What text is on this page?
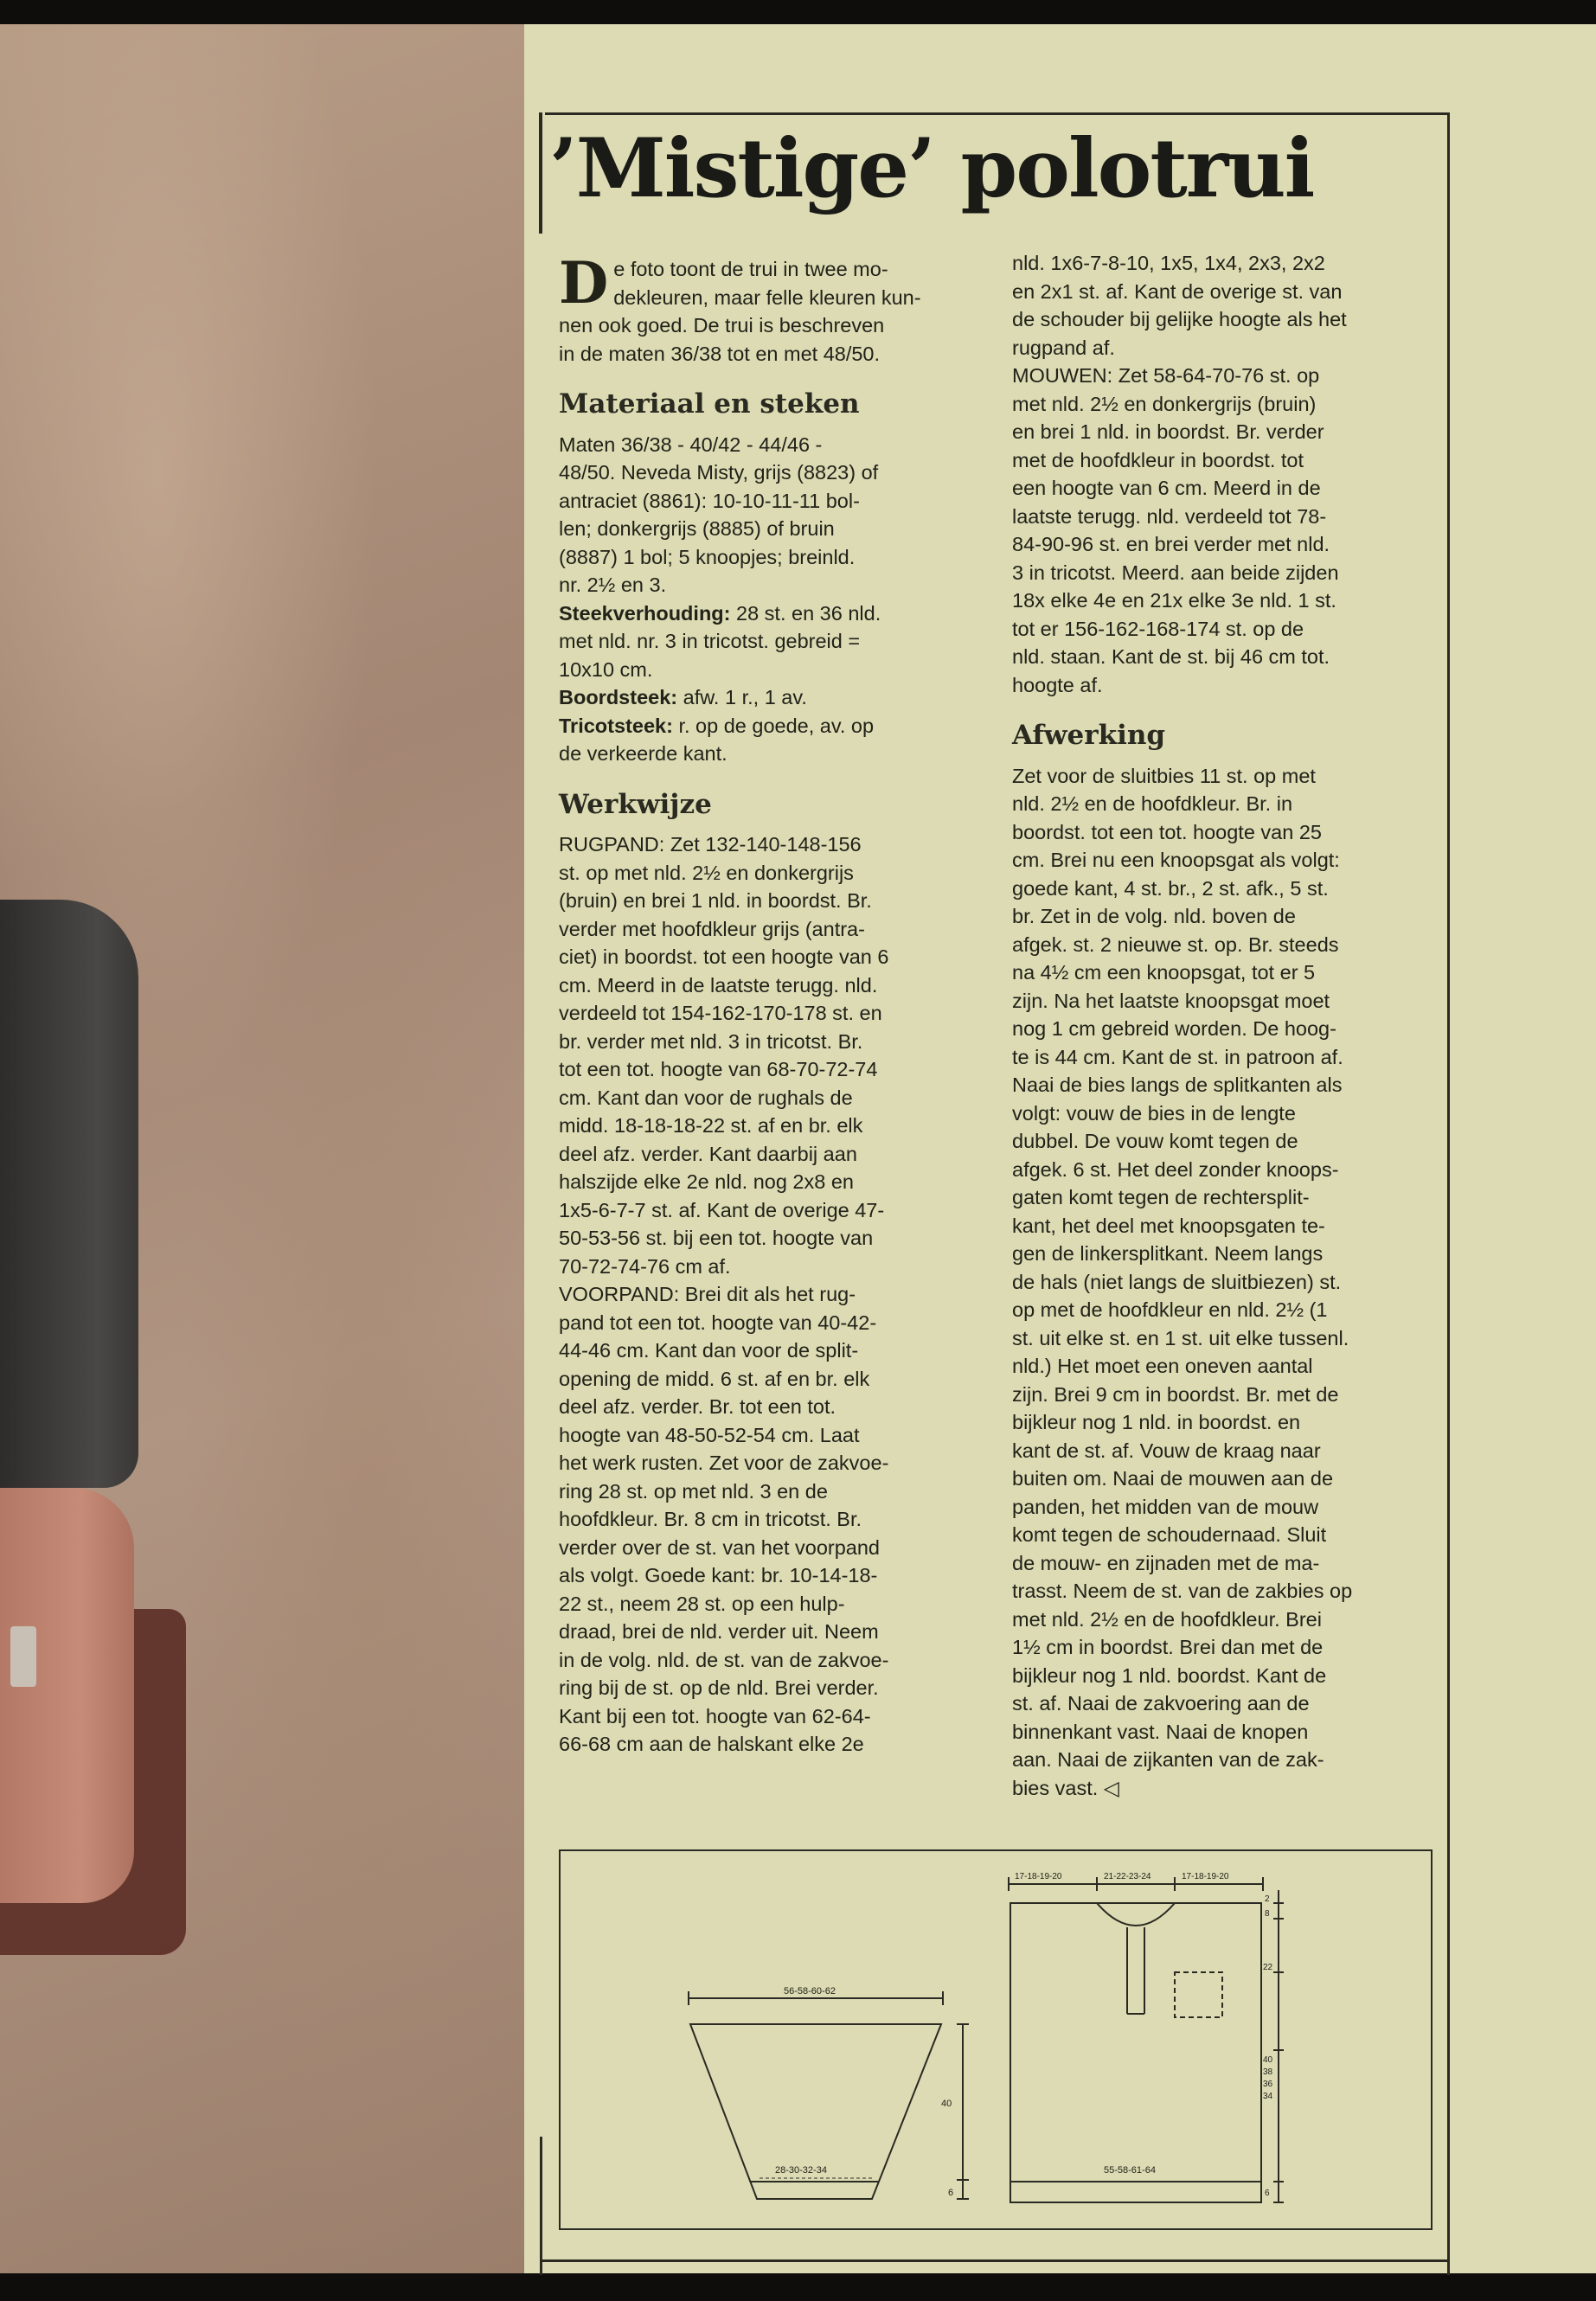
’Mistige’ polotrui

De foto toont de trui in twee mo-
dekleuren, maar felle kleuren kun-
nen ook goed. De trui is beschreven
in de maten 36/38 tot en met 48/50.

Materiaal en steken

Maten 36/38 - 40/42 - 44/46 -
48/50. Neveda Misty, grijs (8823) of
antraciet (8861): 10-10-11-11 bol-
len; donkergrijs (8885) of bruin
(8887) 1 bol; 5 knoopjes; breinld.
nr. 2½ en 3.

Steekverhouding: 28 st. en 36 nld.
met nld. nr. 3 in tricotst. gebreid =
10x10 cm.

Boordsteek: afw. 1 r., 1 av.

Tricotsteek: r. op de goede, av. op
de verkeerde kant.

Werkwijze

RUGPAND: Zet 132-140-148-156
st. op met nld. 2½ en donkergrijs
(bruin) en brei 1 nld. in boordst. Br.
verder met hoofdkleur grijs (antra-
ciet) in boordst. tot een hoogte van 6
cm. Meerd in de laatste terugg. nld.
verdeeld tot 154-162-170-178 st. en
br. verder met nld. 3 in tricotst. Br.
tot een tot. hoogte van 68-70-72-74
cm. Kant dan voor de rughals de
midd. 18-18-18-22 st. af en br. elk
deel afz. verder. Kant daarbij aan
halszijde elke 2e nld. nog 2x8 en
1x5-6-7-7 st. af. Kant de overige 47-
50-53-56 st. bij een tot. hoogte van
70-72-74-76 cm af.
VOORPAND: Brei dit als het rug-
pand tot een tot. hoogte van 40-42-
44-46 cm. Kant dan voor de split-
opening de midd. 6 st. af en br. elk
deel afz. verder. Br. tot een tot.
hoogte van 48-50-52-54 cm. Laat
het werk rusten. Zet voor de zakvoe-
ring 28 st. op met nld. 3 en de
hoofdkleur. Br. 8 cm in tricotst. Br.
verder over de st. van het voorpand
als volgt. Goede kant: br. 10-14-18-
22 st., neem 28 st. op een hulp-
draad, brei de nld. verder uit. Neem
in de volg. nld. de st. van de zakvoe-
ring bij de st. op de nld. Brei verder.
Kant bij een tot. hoogte van 62-64-
66-68 cm aan de halskant elke 2e

nld. 1x6-7-8-10, 1x5, 1x4, 2x3, 2x2
en 2x1 st. af. Kant de overige st. van
de schouder bij gelijke hoogte als het
rugpand af.
MOUWEN: Zet 58-64-70-76 st. op
met nld. 2½ en donkergrijs (bruin)
en brei 1 nld. in boordst. Br. verder
met de hoofdkleur in boordst. tot
een hoogte van 6 cm. Meerd in de
laatste terugg. nld. verdeeld tot 78-
84-90-96 st. en brei verder met nld.
3 in tricotst. Meerd. aan beide zijden
18x elke 4e en 21x elke 3e nld. 1 st.
tot er 156-162-168-174 st. op de
nld. staan. Kant de st. bij 46 cm tot.
hoogte af.

Afwerking

Zet voor de sluitbies 11 st. op met
nld. 2½ en de hoofdkleur. Br. in
boordst. tot een tot. hoogte van 25
cm. Brei nu een knoopsgat als volgt:
goede kant, 4 st. br., 2 st. afk., 5 st.
br. Zet in de volg. nld. boven de
afgek. st. 2 nieuwe st. op. Br. steeds
na 4½ cm een knoopsgat, tot er 5
zijn. Na het laatste knoopsgat moet
nog 1 cm gebreid worden. De hoog-
te is 44 cm. Kant de st. in patroon af.
Naai de bies langs de splitkanten als
volgt: vouw de bies in de lengte
dubbel. De vouw komt tegen de
afgek. 6 st. Het deel zonder knoops-
gaten komt tegen de rechtersplit-
kant, het deel met knoopsgaten te-
gen de linkersplitkant. Neem langs
de hals (niet langs de sluitbiezen) st.
op met de hoofdkleur en nld. 2½ (1
st. uit elke st. en 1 st. uit elke tussenl.
nld.) Het moet een oneven aantal
zijn. Brei 9 cm in boordst. Br. met de
bijkleur nog 1 nld. in boordst. en
kant de st. af. Vouw de kraag naar
buiten om. Naai de mouwen aan de
panden, het midden van de mouw
komt tegen de schoudernaad. Sluit
de mouw- en zijnaden met de ma-
trasst. Neem de st. van de zakbies op
met nld. 2½ en de hoofdkleur. Brei
1½ cm in boordst. Brei dan met de
bijkleur nog 1 nld. boordst. Kant de
st. af. Naai de zakvoering aan de
binnenkant vast. Naai de knopen
aan. Naai de zijkanten van de zak-
bies vast. ◁

56-58-60-62
28-30-32-34
40
6
17-18-19-20	21-22-23-24	17-18-19-20
55-58-61-64
2
8
22
40
38
36
34
6
